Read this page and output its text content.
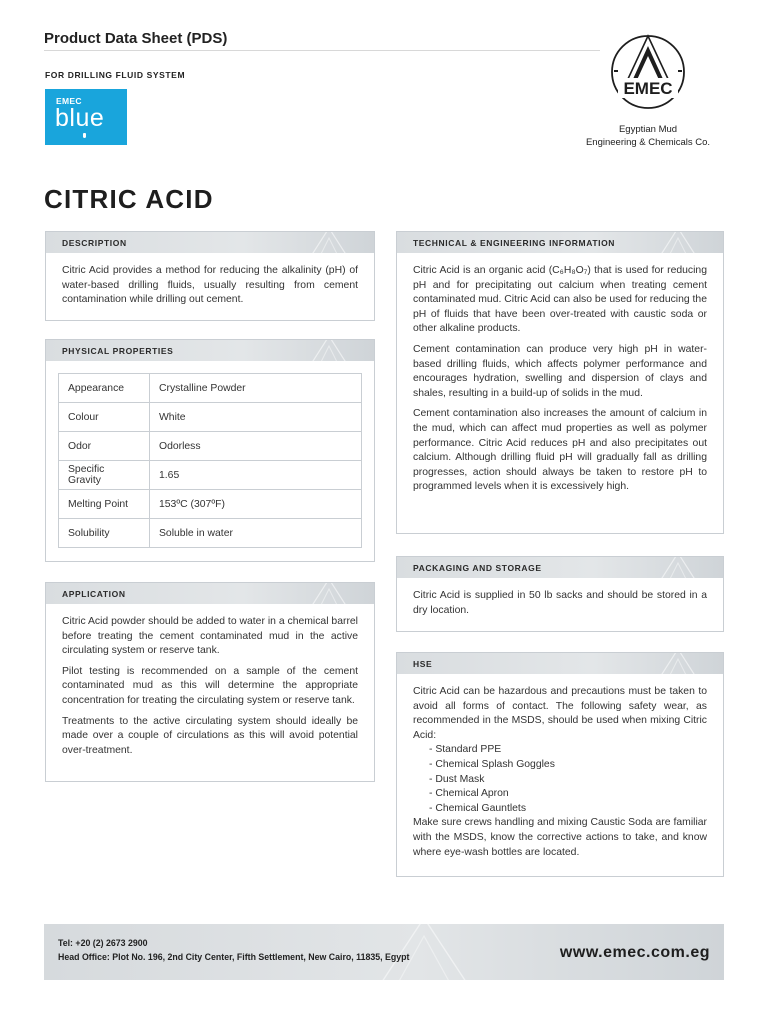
Product Data Sheet (PDS)
FOR DRILLING FLUID SYSTEM
EMEC
blue
EMEC
Egyptian Mud
Engineering & Chemicals Co.
CITRIC ACID
DESCRIPTION
Citric Acid provides a method for reducing the alkalinity (pH) of water-based drilling fluids, usually resulting from cement contamination while drilling out cement.
PHYSICAL PROPERTIES
Appearance	Crystalline Powder
Colour	White
Odor	Odorless
Specific Gravity	1.65
Melting Point	153ºC (307ºF)
Solubility	Soluble in water
APPLICATION

Citric Acid powder should be added to water in a chemical barrel before treating the cement contaminated mud in the active circulating system or reserve tank.

Pilot testing is recommended on a sample of the cement contaminated mud as this will determine the appropriate concentration for treating the circulating system or reserve tank.

Treatments to the active circulating system should ideally be made over a couple of circulations as this will avoid potential over-treatment.

TECHNICAL & ENGINEERING INFORMATION

Citric Acid is an organic acid (C₆H₈O₇) that is used for reducing pH and for precipitating out calcium when treating cement contaminated mud. Citric Acid can also be used for reducing the pH of fluids that have been over-treated with caustic soda or other alkaline products.

Cement contamination can produce very high pH in water-based drilling fluids, which affects polymer performance and encourages hydration, swelling and dispersion of clays and shales, resulting in a build-up of solids in the mud.

Cement contamination also increases the amount of calcium in the mud, which can affect mud properties as well as polymer performance. Citric Acid reduces pH and also precipitates out calcium. Although drilling fluid pH will gradually fall as drilling progresses, action should always be taken to restore pH to programmed levels when it is excessively high.

PACKAGING AND STORAGE
Citric Acid is supplied in 50 lb sacks and should be stored in a dry location.
HSE
Citric Acid can be hazardous and precautions must be taken to avoid all forms of contact. The following safety wear, as recommended in the MSDS, should be used when mixing Citric Acid:
- Standard PPE
- Chemical Splash Goggles
- Dust Mask
- Chemical Apron
- Chemical Gauntlets
Make sure crews handling and mixing Caustic Soda are familiar with the MSDS, know the corrective actions to take, and know where eye-wash bottles are located.
Tel: +20 (2) 2673 2900
Head Office: Plot No. 196, 2nd City Center, Fifth Settlement, New Cairo, 11835, Egypt	www.emec.com.eg
